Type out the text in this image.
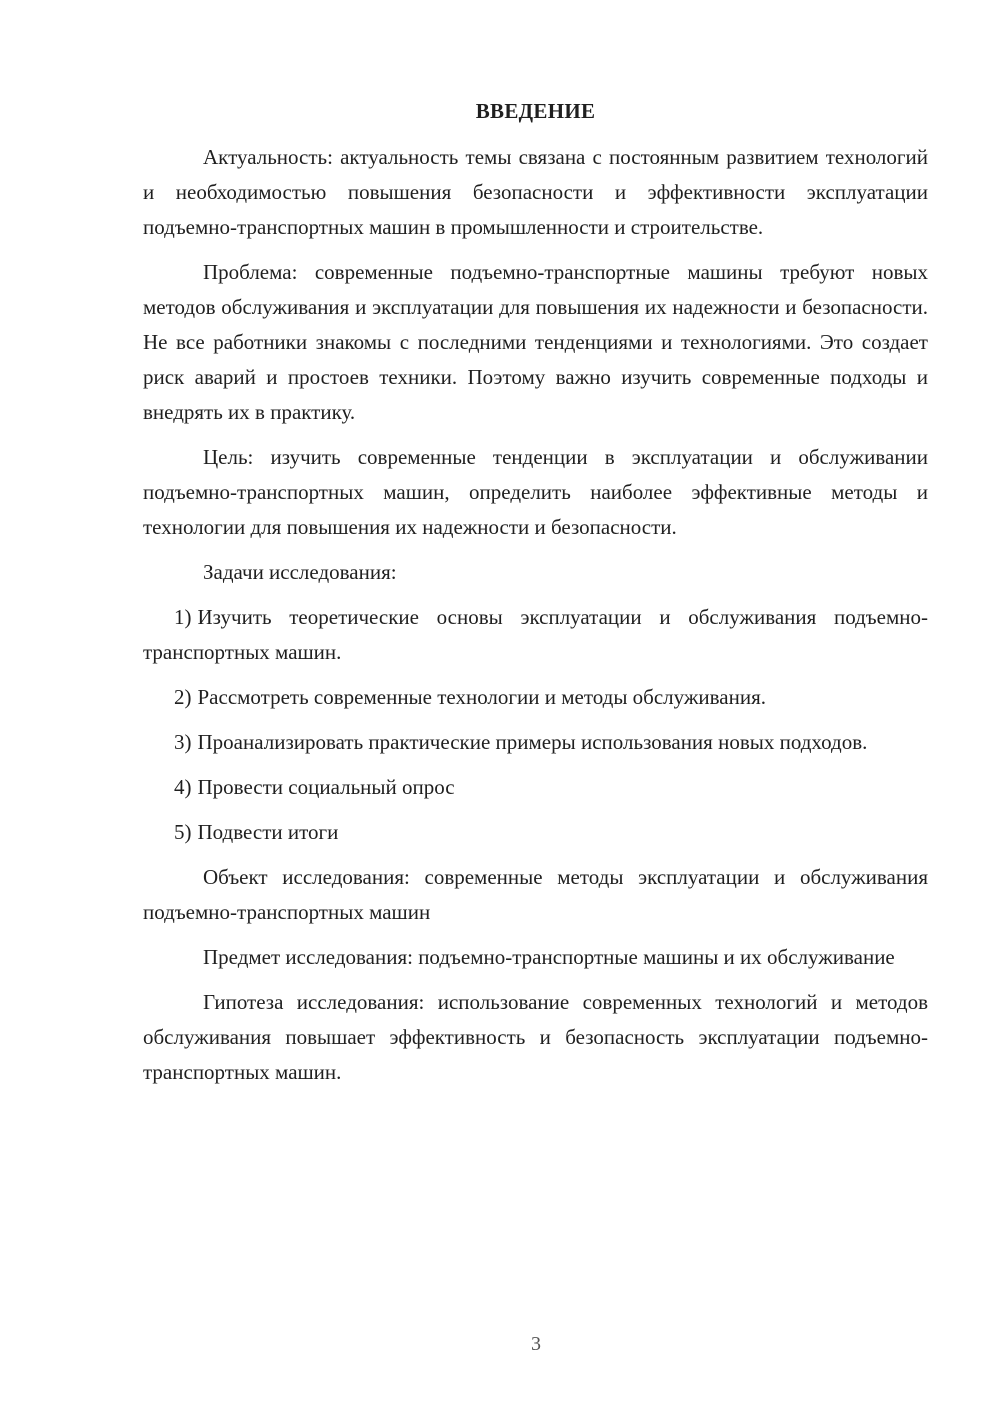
ВВЕДЕНИЕ

Актуальность: актуальность темы связана с постоянным развитием технологий и необходимостью повышения безопасности и эффективности эксплуатации подъемно-транспортных машин в промышленности и строительстве.

Проблема: современные подъемно-транспортные машины требуют новых методов обслуживания и эксплуатации для повышения их надежности и безопасности. Не все работники знакомы с последними тенденциями и технологиями. Это создает риск аварий и простоев техники. Поэтому важно изучить современные подходы и внедрять их в практику.

Цель: изучить современные тенденции в эксплуатации и обслуживании подъемно-транспортных машин, определить наиболее эффективные методы и технологии для повышения их надежности и безопасности.

Задачи исследования:

1) Изучить теоретические основы эксплуатации и обслуживания подъемно-транспортных машин.

2) Рассмотреть современные технологии и методы обслуживания.

3) Проанализировать практические примеры использования новых подходов.

4) Провести социальный опрос

5) Подвести итоги

Объект исследования: современные методы эксплуатации и обслуживания подъемно-транспортных машин

Предмет исследования: подъемно-транспортные машины и их обслуживание

Гипотеза исследования: использование современных технологий и методов обслуживания повышает эффективность и безопасность эксплуатации подъемно-транспортных машин.

3
